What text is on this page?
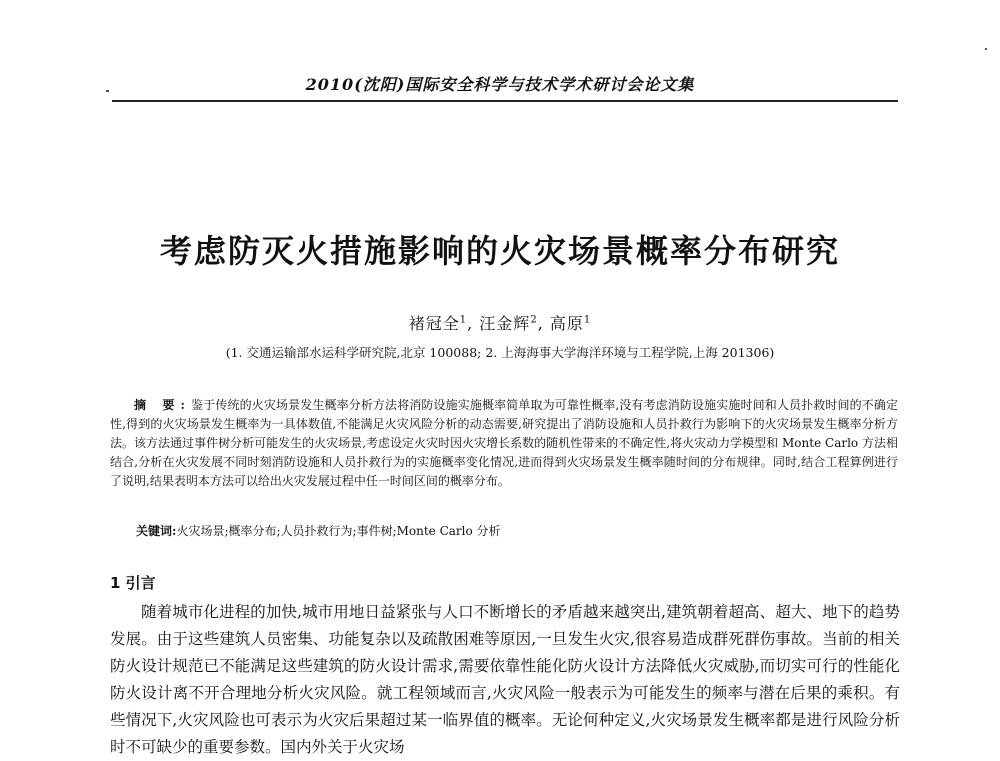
2010(沈阳)国际安全科学与技术学术研讨会论文集
考虑防灭火措施影响的火灾场景概率分布研究
褚冠全$^1$, 汪金辉$^2$, 高原$^1$
(1. 交通运输部水运科学研究院,北京 100088; 2. 上海海事大学海洋环境与工程学院,上海 201306)

摘 要:鉴于传统的火灾场景发生概率分析方法将消防设施实施概率简单取为可靠性概率,没有考虑消防设施实施时间和人员扑救时间的不确定性,得到的火灾场景发生概率为一具体数值,不能满足火灾风险分析的动态需要,研究提出了消防设施和人员扑救行为影响下的火灾场景发生概率分析方法。该方法通过事件树分析可能发生的火灾场景,考虑设定火灾时因火灾增长系数的随机性带来的不确定性,将火灾动力学模型和 Monte Carlo 方法相结合,分析在火灾发展不同时刻消防设施和人员扑救行为的实施概率变化情况,进而得到火灾场景发生概率随时间的分布规律。同时,结合工程算例进行了说明,结果表明本方法可以给出火灾发展过程中任一时间区间的概率分布。

关键词:火灾场景;概率分布;人员扑救行为;事件树;Monte Carlo 分析

1 引言

随着城市化进程的加快,城市用地日益紧张与人口不断增长的矛盾越来越突出,建筑朝着超高、超大、地下的趋势发展。由于这些建筑人员密集、功能复杂以及疏散困难等原因,一旦发生火灾,很容易造成群死群伤事故。当前的相关防火设计规范已不能满足这些建筑的防火设计需求,需要依靠性能化防火设计方法降低火灾威胁,而切实可行的性能化防火设计离不开合理地分析火灾风险。就工程领域而言,火灾风险一般表示为可能发生的频率与潜在后果的乘积。有些情况下,火灾风险也可表示为火灾后果超过某一临界值的概率。无论何种定义,火灾场景发生概率都是进行风险分析时不可缺少的重要参数。国内外关于火灾场
